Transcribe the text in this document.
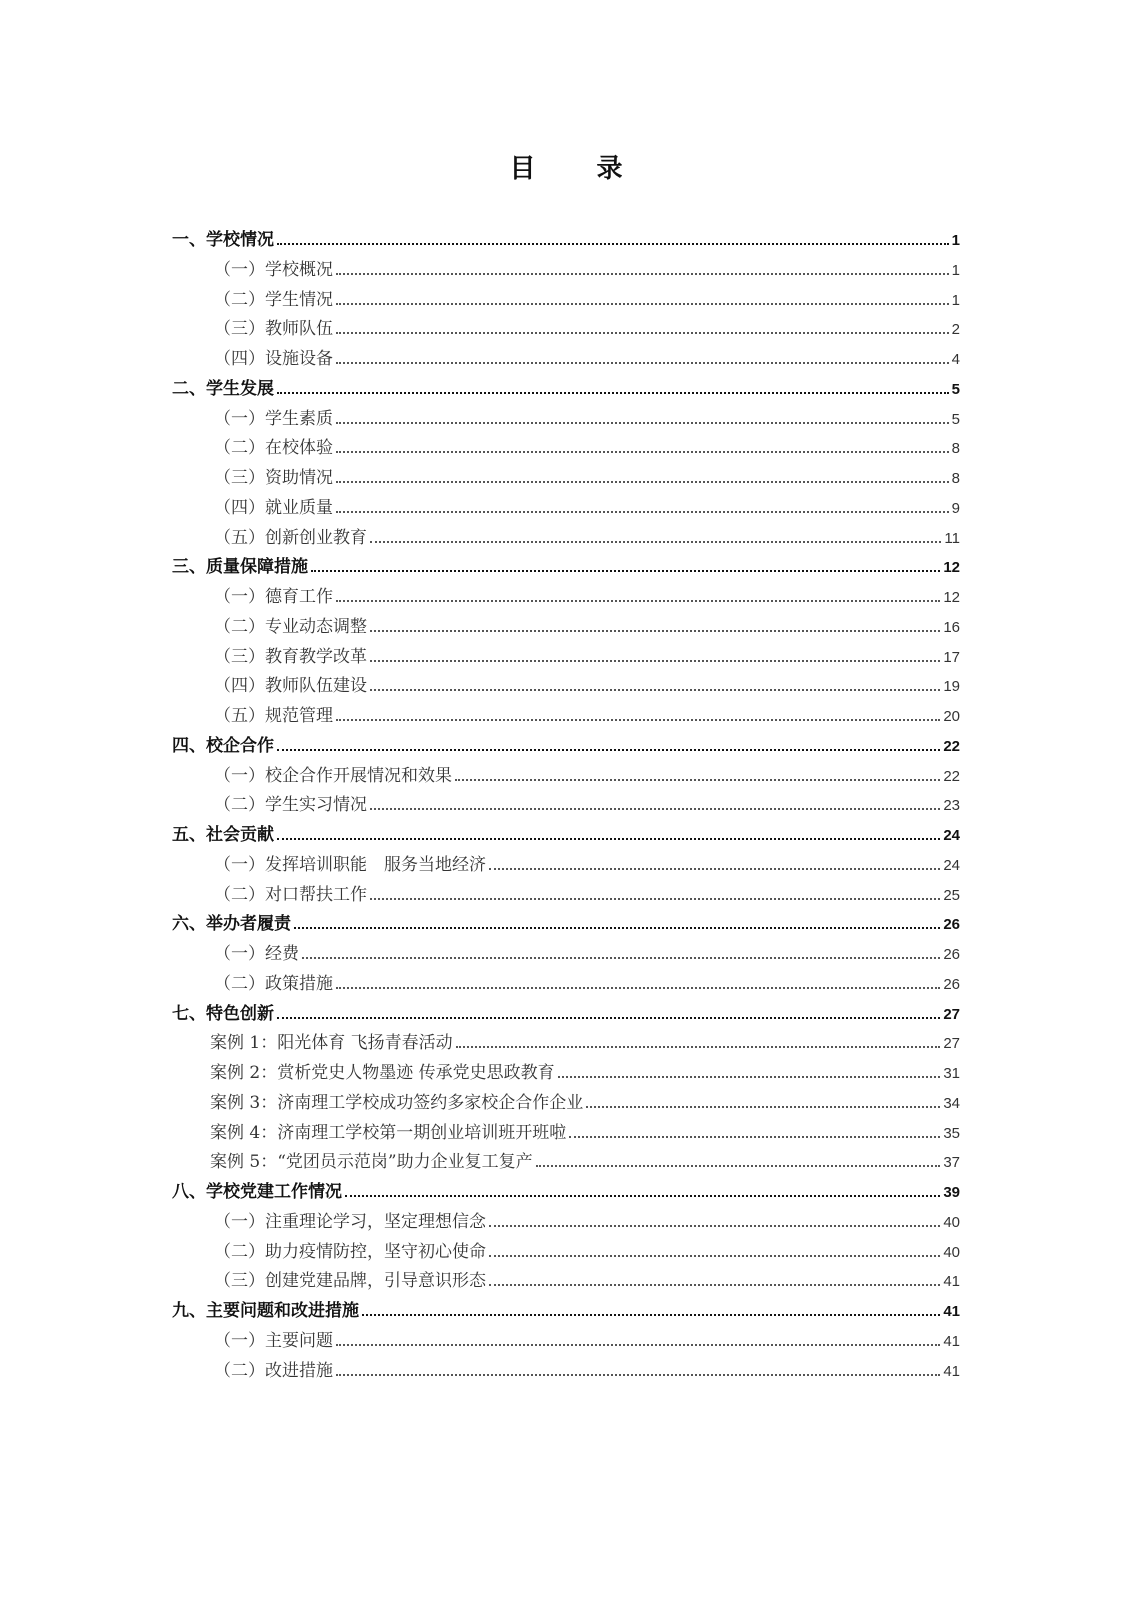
目 录
一、学校情况	1
（一）学校概况	1
（二）学生情况	1
（三）教师队伍	2
（四）设施设备	4
二、学生发展	5
（一）学生素质	5
（二）在校体验	8
（三）资助情况	8
（四）就业质量	9
（五）创新创业教育	11
三、质量保障措施	12
（一）德育工作	12
（二）专业动态调整	16
（三）教育教学改革	17
（四）教师队伍建设	19
（五）规范管理	20
四、校企合作	22
（一）校企合作开展情况和效果	22
（二）学生实习情况	23
五、社会贡献	24
（一）发挥培训职能　服务当地经济	24
（二）对口帮扶工作	25
六、举办者履责	26
（一）经费	26
（二）政策措施	26
七、特色创新	27
案例 1：阳光体育 飞扬青春活动	27
案例 2：赏析党史人物墨迹 传承党史思政教育	31
案例 3：济南理工学校成功签约多家校企合作企业	34
案例 4：济南理工学校第一期创业培训班开班啦	35
案例 5：“党团员示范岗”助力企业复工复产	37
八、学校党建工作情况	39
（一）注重理论学习，坚定理想信念	40
（二）助力疫情防控，坚守初心使命	40
（三）创建党建品牌，引导意识形态	41
九、主要问题和改进措施	41
（一）主要问题	41
（二）改进措施	41
